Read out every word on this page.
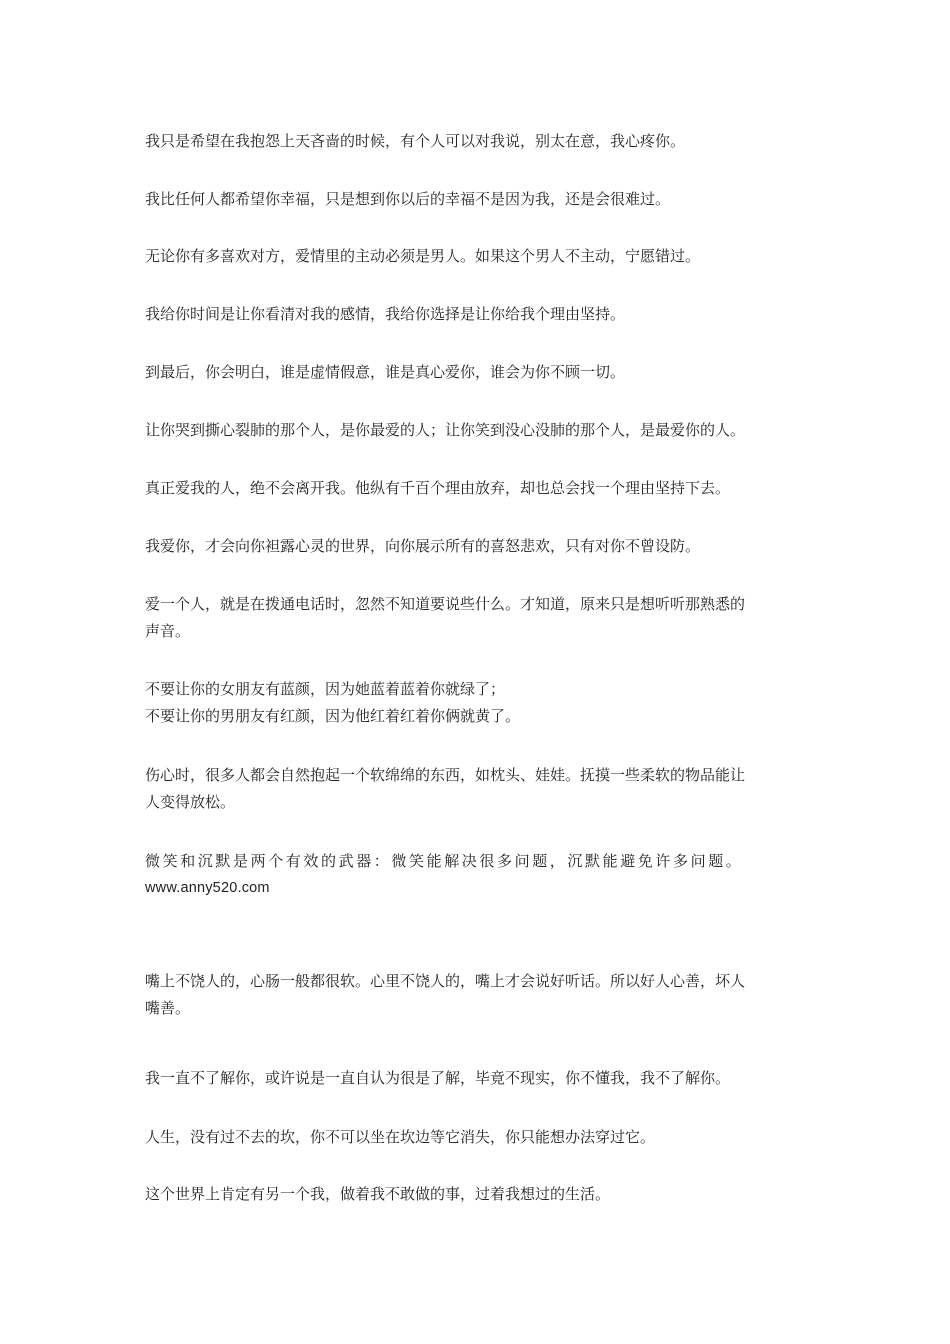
我只是希望在我抱怨上天吝啬的时候，有个人可以对我说，别太在意，我心疼你。

我比任何人都希望你幸福，只是想到你以后的幸福不是因为我，还是会很难过。

无论你有多喜欢对方，爱情里的主动必须是男人。如果这个男人不主动，宁愿错过。

我给你时间是让你看清对我的感情，我给你选择是让你给我个理由坚持。

到最后，你会明白，谁是虚情假意，谁是真心爱你，谁会为你不顾一切。

让你哭到撕心裂肺的那个人，是你最爱的人；让你笑到没心没肺的那个人，是最爱你的人。

真正爱我的人，绝不会离开我。他纵有千百个理由放弃，却也总会找一个理由坚持下去。

我爱你，才会向你袒露心灵的世界，向你展示所有的喜怒悲欢，只有对你不曾设防。

爱一个人，就是在拨通电话时，忽然不知道要说些什么。才知道，原来只是想听听那熟悉的
声音。

不要让你的女朋友有蓝颜，因为她蓝着蓝着你就绿了；
不要让你的男朋友有红颜，因为他红着红着你俩就黄了。

伤心时，很多人都会自然抱起一个软绵绵的东西，如枕头、娃娃。抚摸一些柔软的物品能让
人变得放松。

微笑和沉默是两个有效的武器：微笑能解决很多问题，沉默能避免许多问题。
www.anny520.com

嘴上不饶人的，心肠一般都很软。心里不饶人的，嘴上才会说好听话。所以好人心善，坏人
嘴善。

我一直不了解你，或许说是一直自认为很是了解，毕竟不现实，你不懂我，我不了解你。

人生，没有过不去的坎，你不可以坐在坎边等它消失，你只能想办法穿过它。

这个世界上肯定有另一个我，做着我不敢做的事，过着我想过的生活。
